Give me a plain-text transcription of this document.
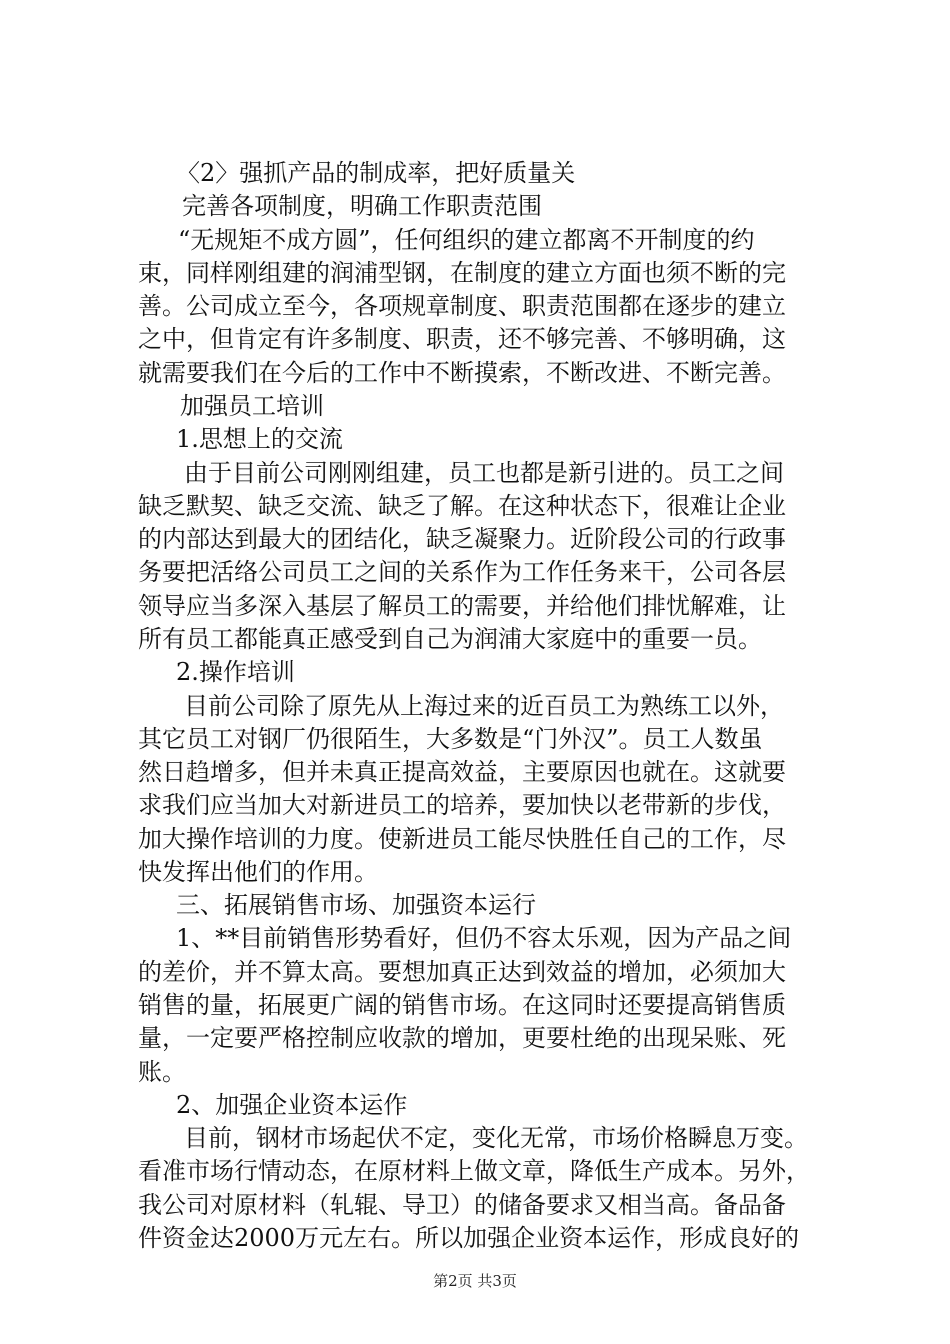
〈2〉强抓产品的制成率，把好质量关
完善各项制度，明确工作职责范围
“无规矩不成方圆”，任何组织的建立都离不开制度的约
束，同样刚组建的润浦型钢，在制度的建立方面也须不断的完
善。公司成立至今，各项规章制度、职责范围都在逐步的建立
之中，但肯定有许多制度、职责，还不够完善、不够明确，这
就需要我们在今后的工作中不断摸索，不断改进、不断完善。
加强员工培训
1.思想上的交流
由于目前公司刚刚组建，员工也都是新引进的。员工之间
缺乏默契、缺乏交流、缺乏了解。在这种状态下，很难让企业
的内部达到最大的团结化，缺乏凝聚力。近阶段公司的行政事
务要把活络公司员工之间的关系作为工作任务来干，公司各层
领导应当多深入基层了解员工的需要，并给他们排忧解难，让
所有员工都能真正感受到自己为润浦大家庭中的重要一员。
2.操作培训
目前公司除了原先从上海过来的近百员工为熟练工以外，
其它员工对钢厂仍很陌生，大多数是“门外汉”。员工人数虽
然日趋增多，但并未真正提高效益，主要原因也就在。这就要
求我们应当加大对新进员工的培养，要加快以老带新的步伐，
加大操作培训的力度。使新进员工能尽快胜任自己的工作，尽
快发挥出他们的作用。
三、拓展销售市场、加强资本运行
1、**目前销售形势看好，但仍不容太乐观，因为产品之间
的差价，并不算太高。要想加真正达到效益的增加，必须加大
销售的量，拓展更广阔的销售市场。在这同时还要提高销售质
量，一定要严格控制应收款的增加，更要杜绝的出现呆账、死
账。
2、加强企业资本运作
目前，钢材市场起伏不定，变化无常，市场价格瞬息万变。
看准市场行情动态，在原材料上做文章，降低生产成本。另外，
我公司对原材料（轧辊、导卫）的储备要求又相当高。备品备
件资金达2000万元左右。所以加强企业资本运作，形成良好的
第2页 共3页
